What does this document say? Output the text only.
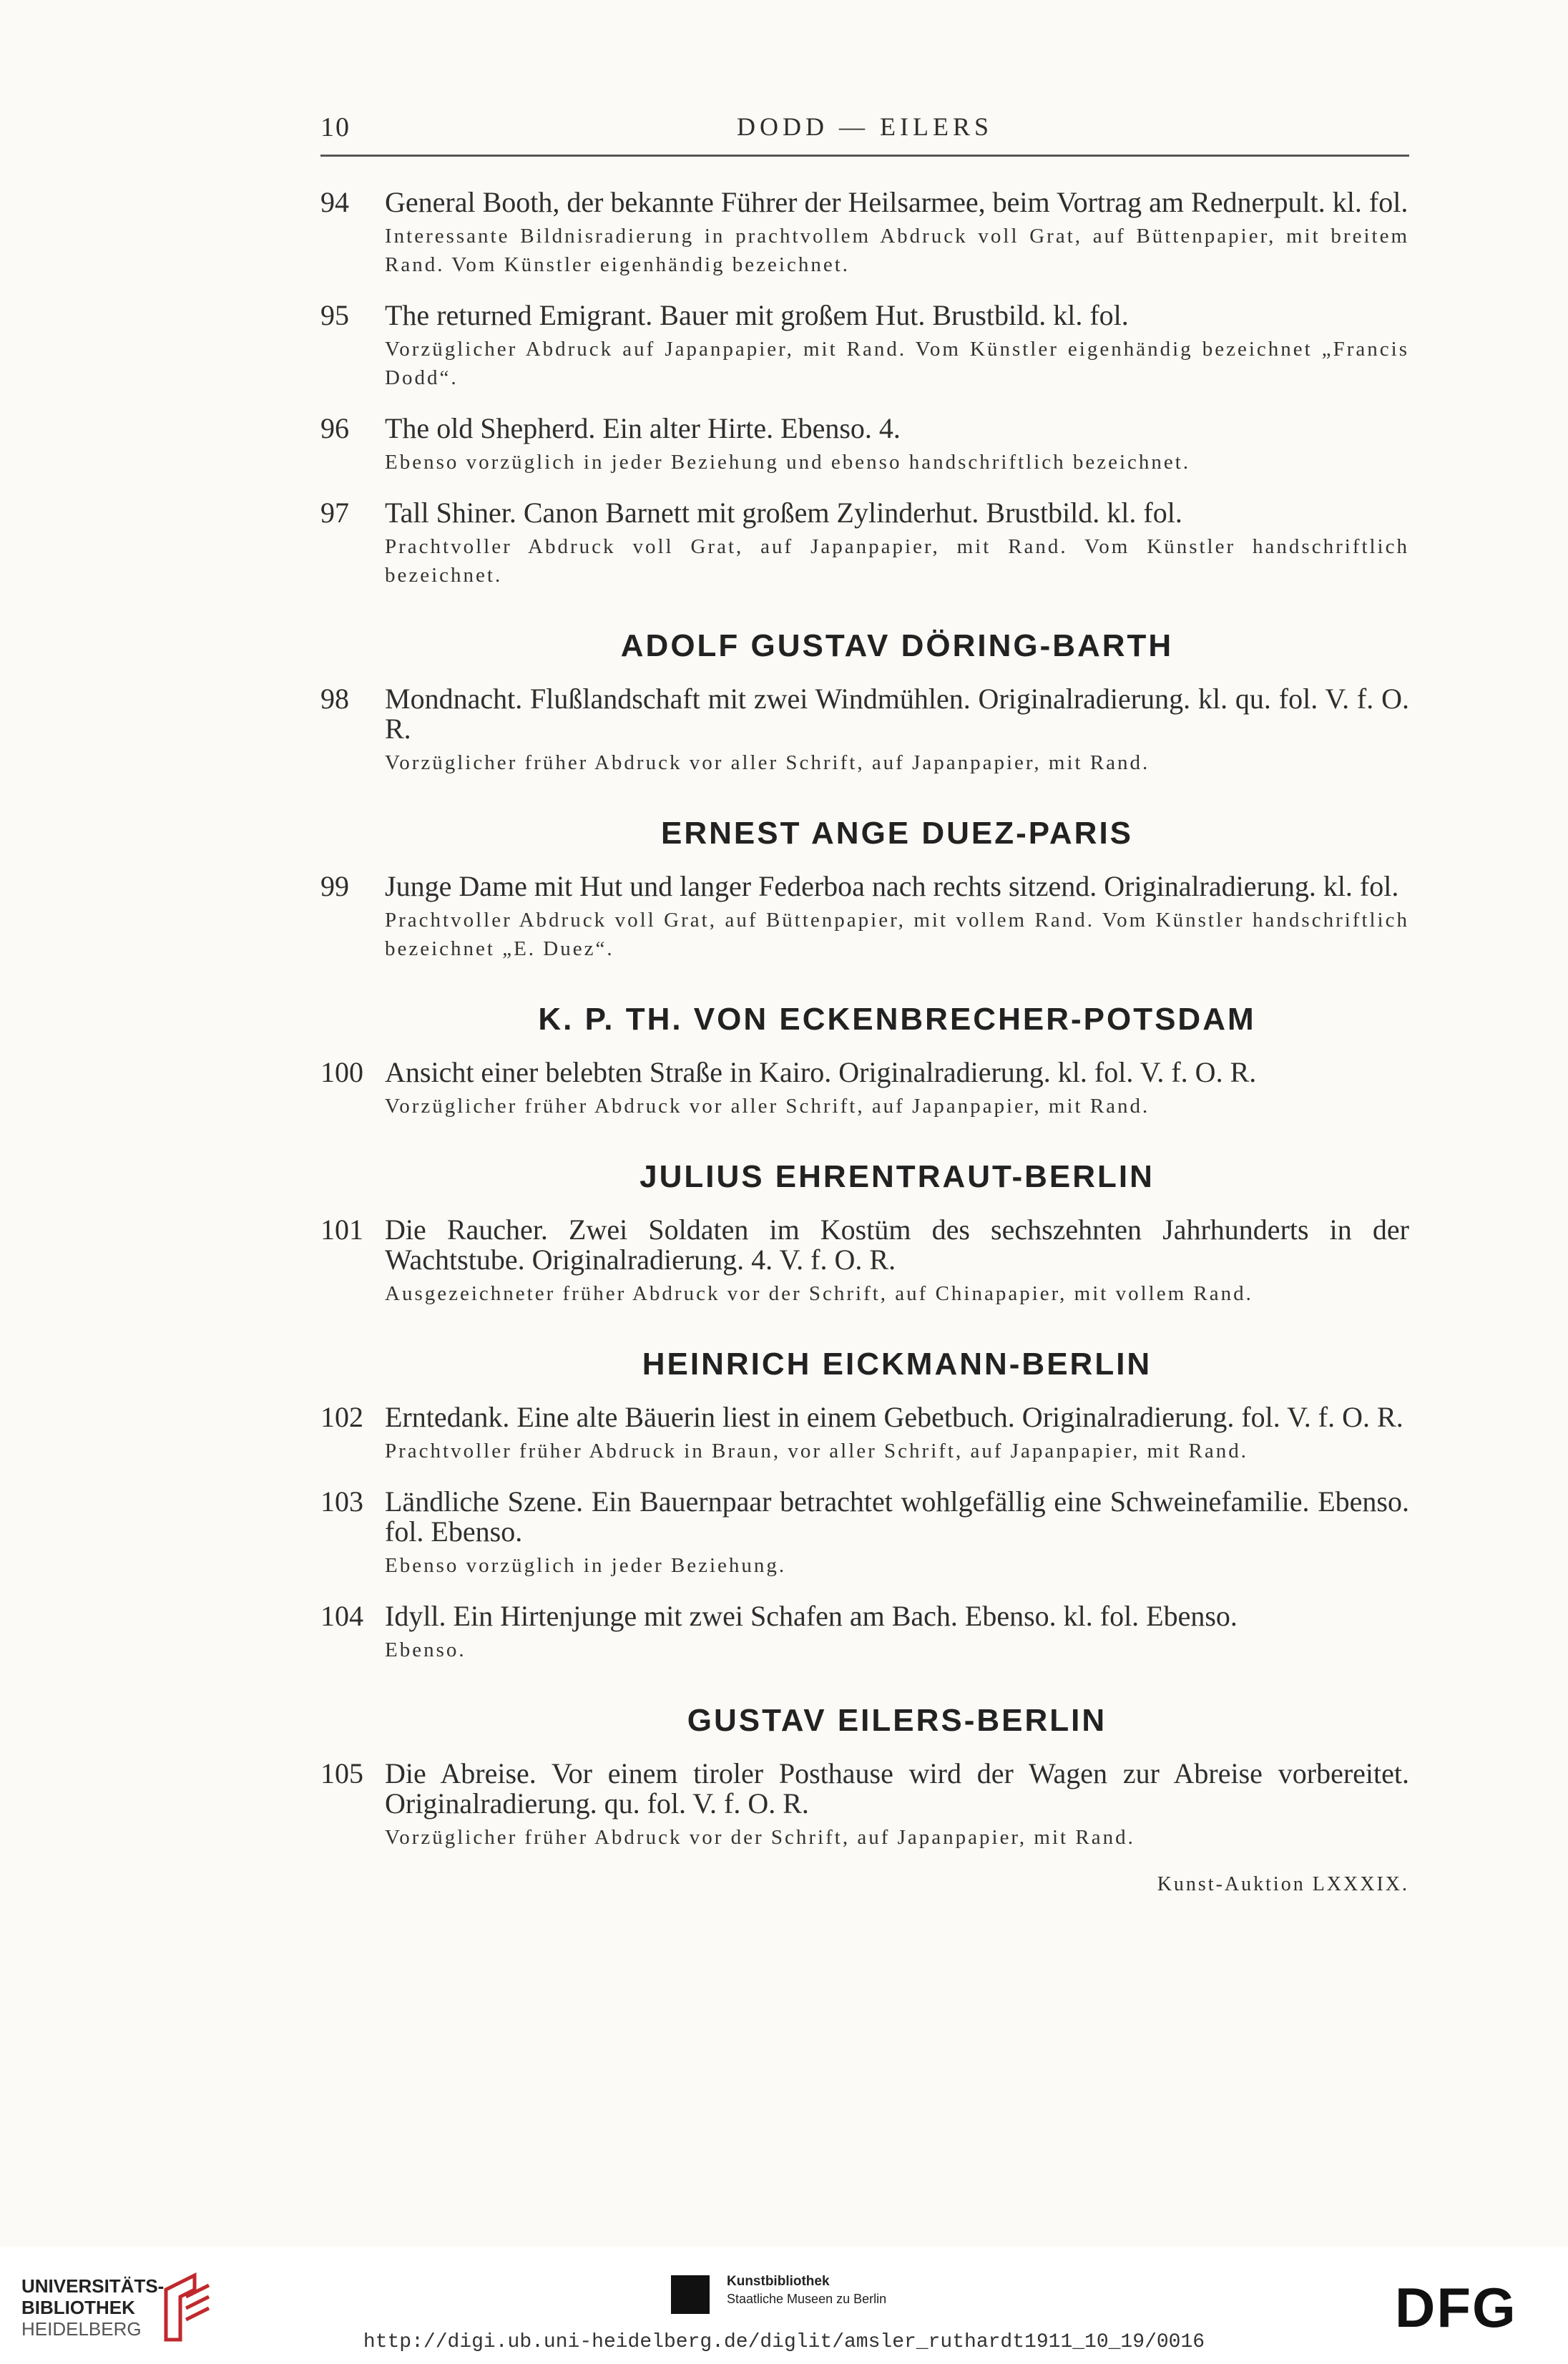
10	DODD — EILERS
94	General Booth, der bekannte Führer der Heilsarmee, beim Vortrag am Rednerpult. kl. fol.
Interessante Bildnisradierung in prachtvollem Abdruck voll Grat, auf Büttenpapier, mit breitem Rand. Vom Künstler eigenhändig bezeichnet.
95	The returned Emigrant. Bauer mit großem Hut. Brustbild. kl. fol.
Vorzüglicher Abdruck auf Japanpapier, mit Rand. Vom Künstler eigenhändig bezeichnet „Francis Dodd“.
96	The old Shepherd. Ein alter Hirte. Ebenso. 4.
Ebenso vorzüglich in jeder Beziehung und ebenso handschriftlich bezeichnet.
97	Tall Shiner. Canon Barnett mit großem Zylinderhut. Brustbild. kl. fol.
Prachtvoller Abdruck voll Grat, auf Japanpapier, mit Rand. Vom Künstler handschriftlich bezeichnet.
ADOLF GUSTAV DÖRING-BARTH
98	Mondnacht. Flußlandschaft mit zwei Windmühlen. Originalradierung. kl. qu. fol. V. f. O. R.
Vorzüglicher früher Abdruck vor aller Schrift, auf Japanpapier, mit Rand.
ERNEST ANGE DUEZ-PARIS
99	Junge Dame mit Hut und langer Federboa nach rechts sitzend. Originalradierung. kl. fol.
Prachtvoller Abdruck voll Grat, auf Büttenpapier, mit vollem Rand. Vom Künstler handschriftlich bezeichnet „E. Duez“.
K. P. TH. VON ECKENBRECHER-POTSDAM
100 Ansicht einer belebten Straße in Kairo. Originalradierung. kl. fol. V. f. O. R.
Vorzüglicher früher Abdruck vor aller Schrift, auf Japanpapier, mit Rand.
JULIUS EHRENTRAUT-BERLIN
101 Die Raucher. Zwei Soldaten im Kostüm des sechszehnten Jahrhunderts in der Wachtstube. Originalradierung. 4. V. f. O. R.
Ausgezeichneter früher Abdruck vor der Schrift, auf Chinapapier, mit vollem Rand.
HEINRICH EICKMANN-BERLIN
102 Erntedank. Eine alte Bäuerin liest in einem Gebetbuch. Originalradierung. fol. V. f. O. R.
Prachtvoller früher Abdruck in Braun, vor aller Schrift, auf Japanpapier, mit Rand.
103 Ländliche Szene. Ein Bauernpaar betrachtet wohlgefällig eine Schweinefamilie. Ebenso. fol. Ebenso.
Ebenso vorzüglich in jeder Beziehung.
104 Idyll. Ein Hirtenjunge mit zwei Schafen am Bach. Ebenso. kl. fol. Ebenso.
Ebenso.
GUSTAV EILERS-BERLIN
105 Die Abreise. Vor einem tiroler Posthause wird der Wagen zur Abreise vorbereitet. Originalradierung. qu. fol. V. f. O. R.
Vorzüglicher früher Abdruck vor der Schrift, auf Japanpapier, mit Rand.
Kunst-Auktion LXXXIX.
UNIVERSITÄTS-
BIBLIOTHEK
HEIDELBERG
Kunstbibliothek
Staatliche Museen zu Berlin	DFG
http://digi.ub.uni-heidelberg.de/diglit/amsler_ruthardt1911_10_19/0016
